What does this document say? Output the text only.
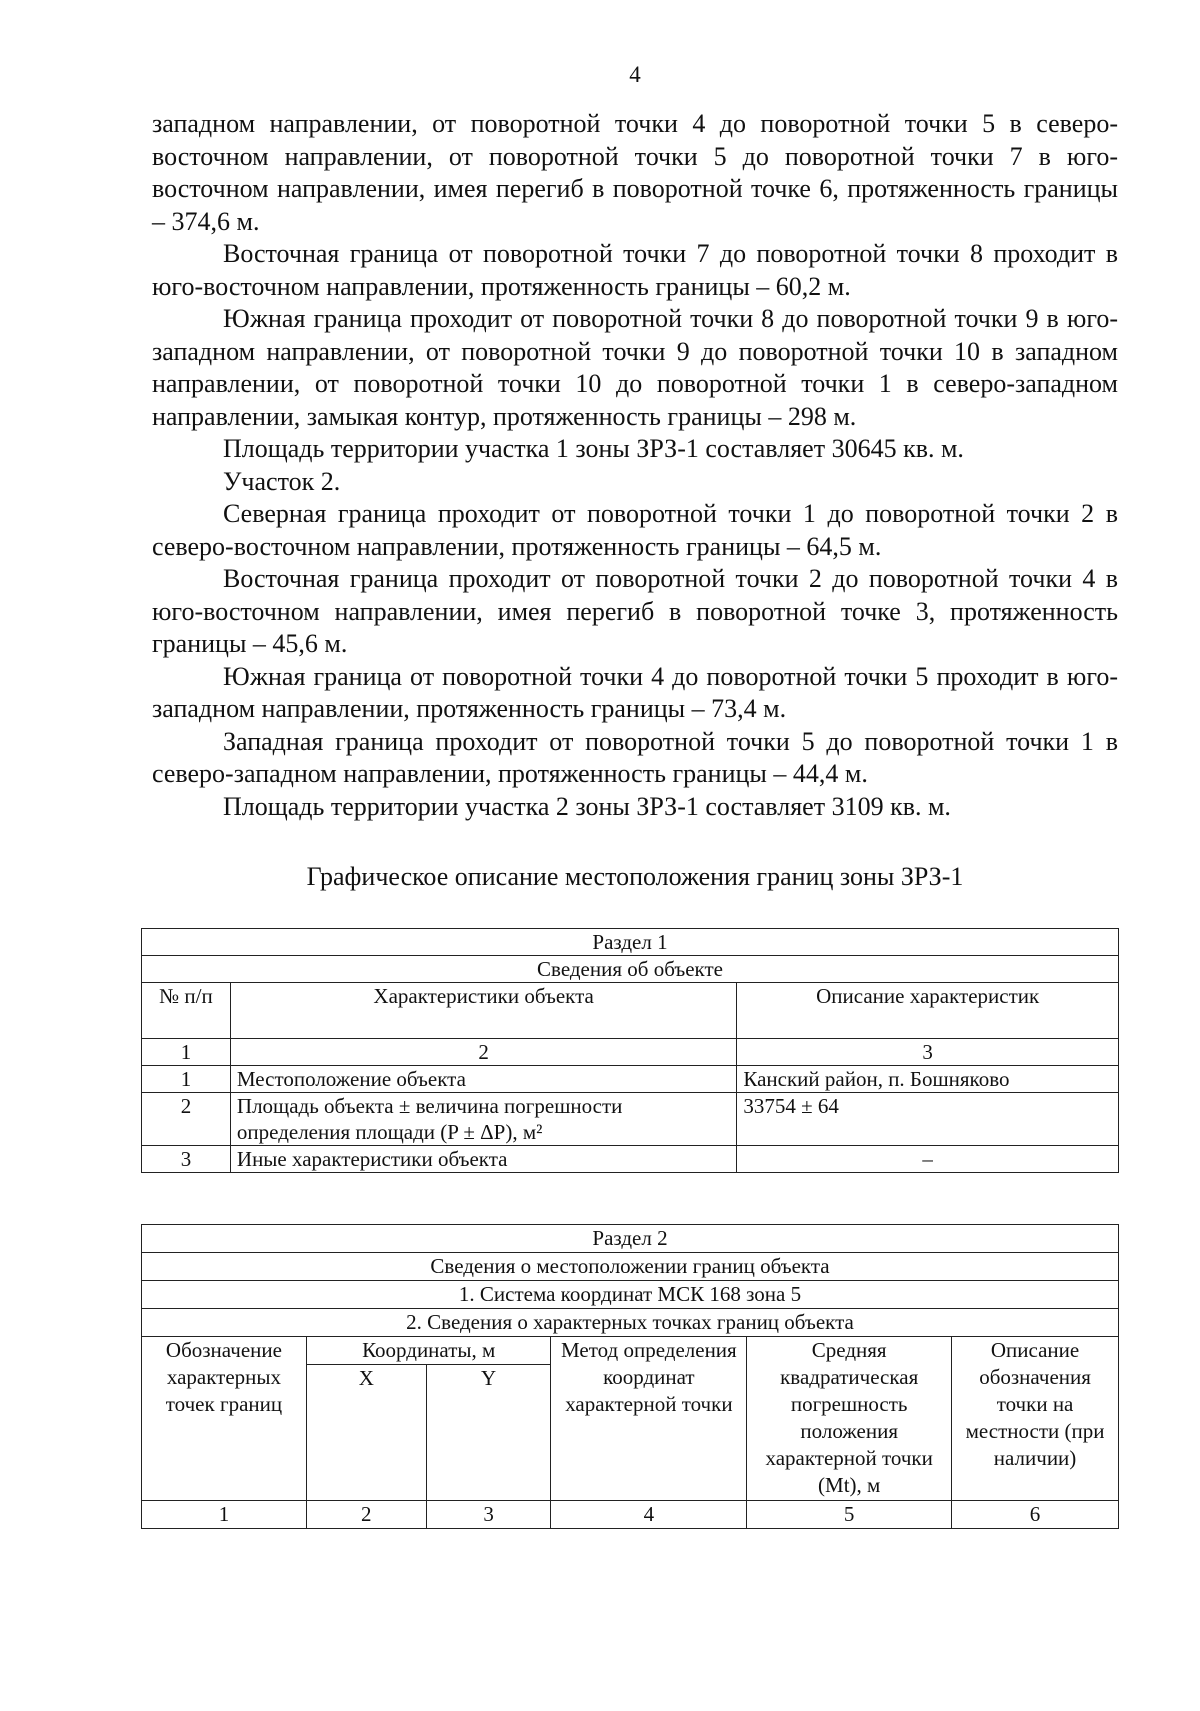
4

западном направлении, от поворотной точки 4 до поворотной точки 5 в северо-восточном направлении, от поворотной точки 5 до поворотной точки 7 в юго-восточном направлении, имея перегиб в поворотной точке 6, протяженность границы – 374,6 м.

Восточная граница от поворотной точки 7 до поворотной точки 8 проходит в юго-восточном направлении, протяженность границы – 60,2 м.

Южная граница проходит от поворотной точки 8 до поворотной точки 9 в юго-западном направлении, от поворотной точки 9 до поворотной точки 10 в западном направлении, от поворотной точки 10 до поворотной точки 1 в северо-западном направлении, замыкая контур, протяженность границы – 298 м.

Площадь территории участка 1 зоны ЗРЗ-1 составляет 30645 кв. м.

Участок 2.

Северная граница проходит от поворотной точки 1 до поворотной точки 2 в северо-восточном направлении, протяженность границы – 64,5 м.

Восточная граница проходит от поворотной точки 2 до поворотной точки 4 в юго-восточном направлении, имея перегиб в поворотной точке 3, протяженность границы – 45,6 м.

Южная граница от поворотной точки 4 до поворотной точки 5 проходит в юго-западном направлении, протяженность границы – 73,4 м.

Западная граница проходит от поворотной точки 5 до поворотной точки 1 в северо-западном направлении, протяженность границы – 44,4 м.

Площадь территории участка 2 зоны ЗРЗ-1 составляет 3109 кв. м.

Графическое описание местоположения границ зоны ЗРЗ-1
Раздел 1		
Сведения об объекте		
№ п/п	Характеристики объекта	Описание характеристик
1	2	3
1	Местоположение объекта	Канский район, п. Бошняково
2	Площадь объекта ± величина погрешности определения площади (P ± ΔP), м²	33754 ± 64
3	Иные характеристики объекта	–
Раздел 2					
Сведения о местоположении границ объекта					
1. Система координат МСК 168 зона 5					
2. Сведения о характерных точках границ объекта					
Обозначение характерных точек границ	Координаты, м		Метод определения координат характерной точки	Средняя квадратическая погрешность положения характерной точки (Mt), м	Описание обозначения точки на местности (при наличии)
	X	Y			
1	2	3	4	5	6
